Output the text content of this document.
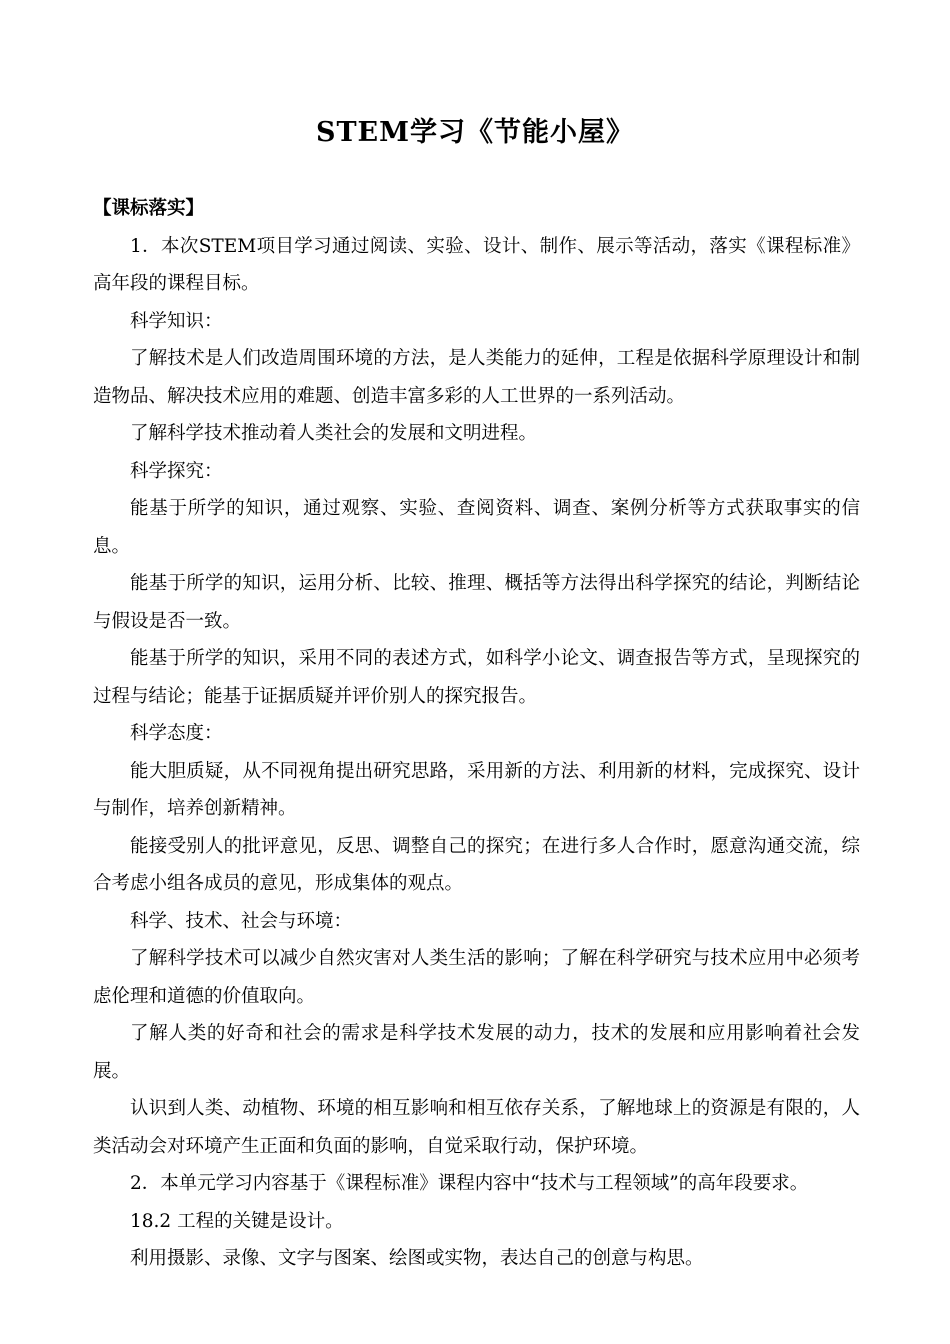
STEM学习《节能小屋》

【课标落实】

1．本次STEM项目学习通过阅读、实验、设计、制作、展示等活动，落实《课程标准》高年段的课程目标。

科学知识：

了解技术是人们改造周围环境的方法，是人类能力的延伸，工程是依据科学原理设计和制造物品、解决技术应用的难题、创造丰富多彩的人工世界的一系列活动。

了解科学技术推动着人类社会的发展和文明进程。

科学探究：

能基于所学的知识，通过观察、实验、查阅资料、调查、案例分析等方式获取事实的信息。

能基于所学的知识，运用分析、比较、推理、概括等方法得出科学探究的结论，判断结论与假设是否一致。

能基于所学的知识，采用不同的表述方式，如科学小论文、调查报告等方式，呈现探究的过程与结论；能基于证据质疑并评价别人的探究报告。

科学态度：

能大胆质疑，从不同视角提出研究思路，采用新的方法、利用新的材料，完成探究、设计与制作，培养创新精神。

能接受别人的批评意见，反思、调整自己的探究；在进行多人合作时，愿意沟通交流，综合考虑小组各成员的意见，形成集体的观点。

科学、技术、社会与环境：

了解科学技术可以减少自然灾害对人类生活的影响；了解在科学研究与技术应用中必须考虑伦理和道德的价值取向。

了解人类的好奇和社会的需求是科学技术发展的动力，技术的发展和应用影响着社会发展。

认识到人类、动植物、环境的相互影响和相互依存关系，了解地球上的资源是有限的，人类活动会对环境产生正面和负面的影响，自觉采取行动，保护环境。

2．本单元学习内容基于《课程标准》课程内容中“技术与工程领域”的高年段要求。

18.2 工程的关键是设计。

利用摄影、录像、文字与图案、绘图或实物，表达自己的创意与构思。
